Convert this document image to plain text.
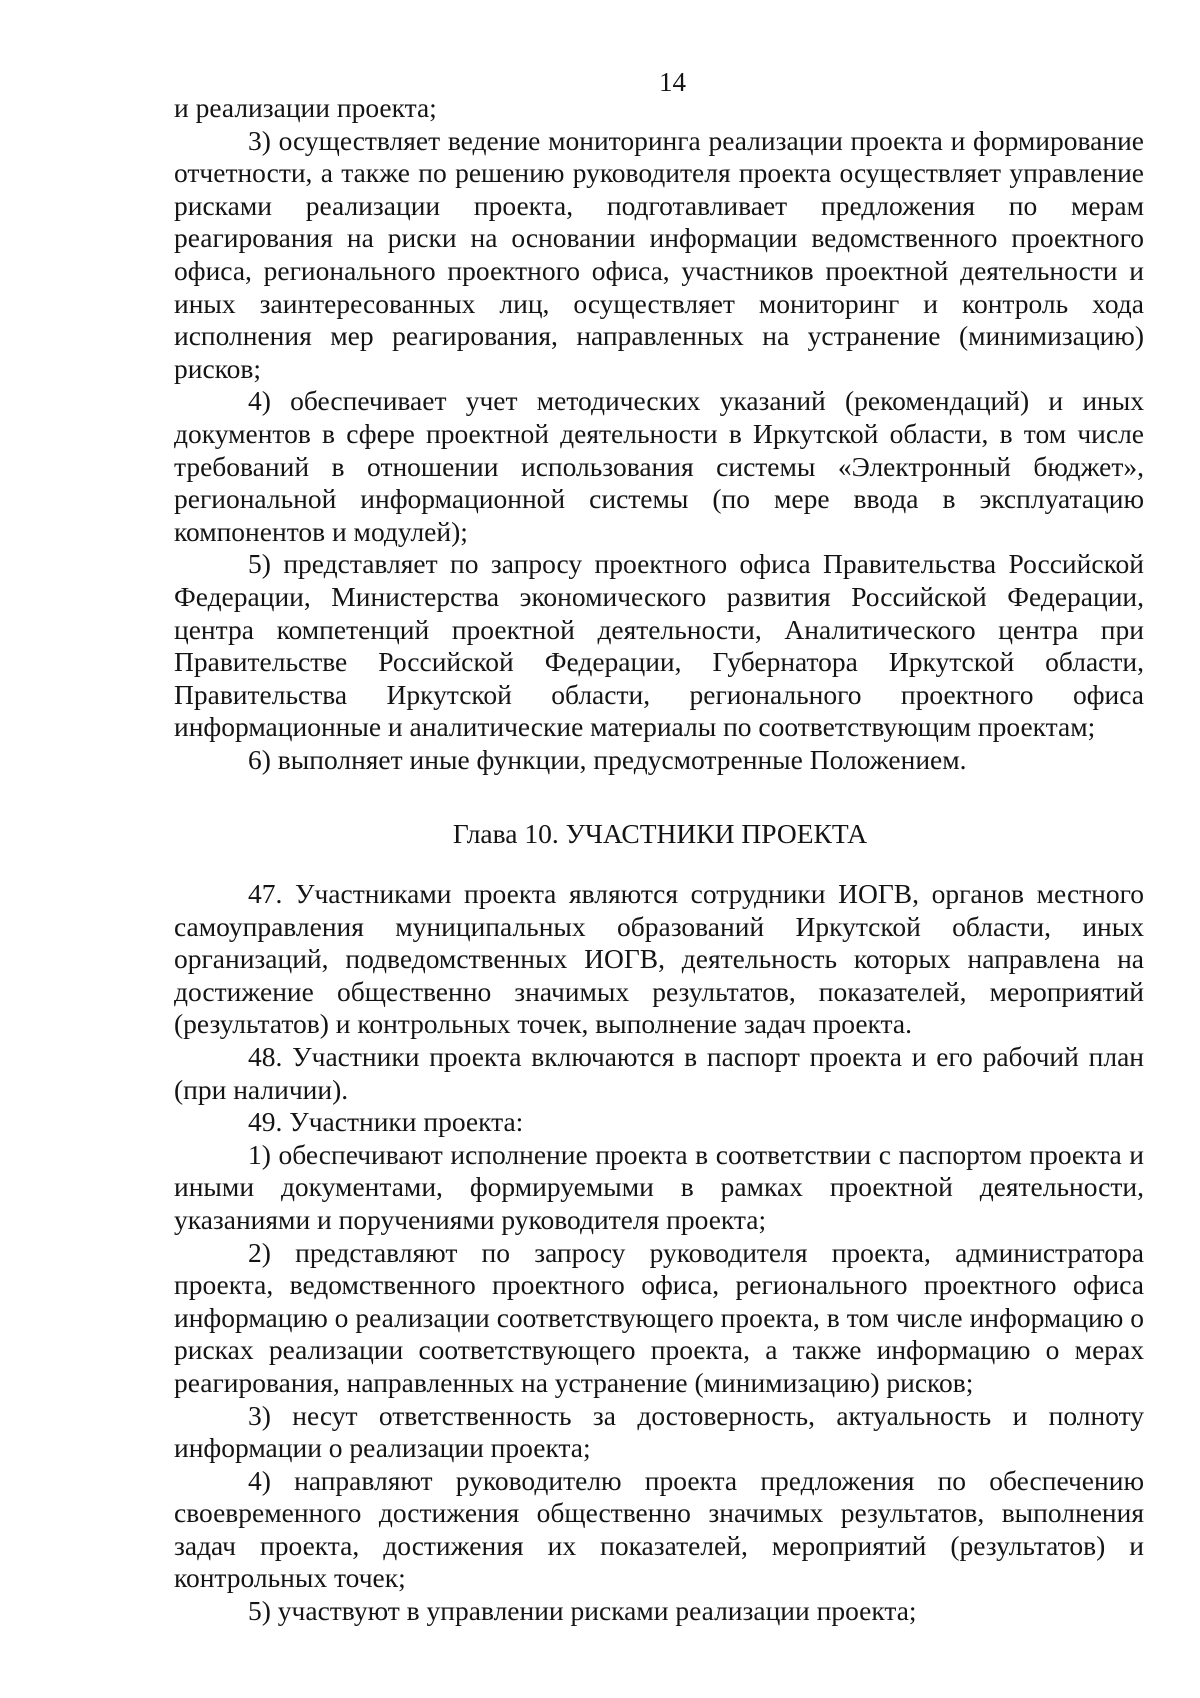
14

и реализации проекта;

3) осуществляет ведение мониторинга реализации проекта и формирование отчетности, а также по решению руководителя проекта осуществляет управление рисками реализации проекта, подготавливает предложения по мерам реагирования на риски на основании информации ведомственного проектного офиса, регионального проектного офиса, участников проектной деятельности и иных заинтересованных лиц, осуществляет мониторинг и контроль хода исполнения мер реагирования, направленных на устранение (минимизацию) рисков;

4) обеспечивает учет методических указаний (рекомендаций) и иных документов в сфере проектной деятельности в Иркутской области, в том числе требований в отношении использования системы «Электронный бюджет», региональной информационной системы (по мере ввода в эксплуатацию компонентов и модулей);

5) представляет по запросу проектного офиса Правительства Российской Федерации, Министерства экономического развития Российской Федерации, центра компетенций проектной деятельности, Аналитического центра при Правительстве Российской Федерации, Губернатора Иркутской области, Правительства Иркутской области, регионального проектного офиса информационные и аналитические материалы по соответствующим проектам;

6) выполняет иные функции, предусмотренные Положением.

Глава 10. УЧАСТНИКИ ПРОЕКТА

47. Участниками проекта являются сотрудники ИОГВ, органов местного самоуправления муниципальных образований Иркутской области, иных организаций, подведомственных ИОГВ, деятельность которых направлена на достижение общественно значимых результатов, показателей, мероприятий (результатов) и контрольных точек, выполнение задач проекта.

48. Участники проекта включаются в паспорт проекта и его рабочий план (при наличии).

49. Участники проекта:

1) обеспечивают исполнение проекта в соответствии с паспортом проекта и иными документами, формируемыми в рамках проектной деятельности, указаниями и поручениями руководителя проекта;

2) представляют по запросу руководителя проекта, администратора проекта, ведомственного проектного офиса, регионального проектного офиса информацию о реализации соответствующего проекта, в том числе информацию о рисках реализации соответствующего проекта, а также информацию о мерах реагирования, направленных на устранение (минимизацию) рисков;

3) несут ответственность за достоверность, актуальность и полноту информации о реализации проекта;

4) направляют руководителю проекта предложения по обеспечению своевременного достижения общественно значимых результатов, выполнения задач проекта, достижения их показателей, мероприятий (результатов) и контрольных точек;

5) участвуют в управлении рисками реализации проекта;
